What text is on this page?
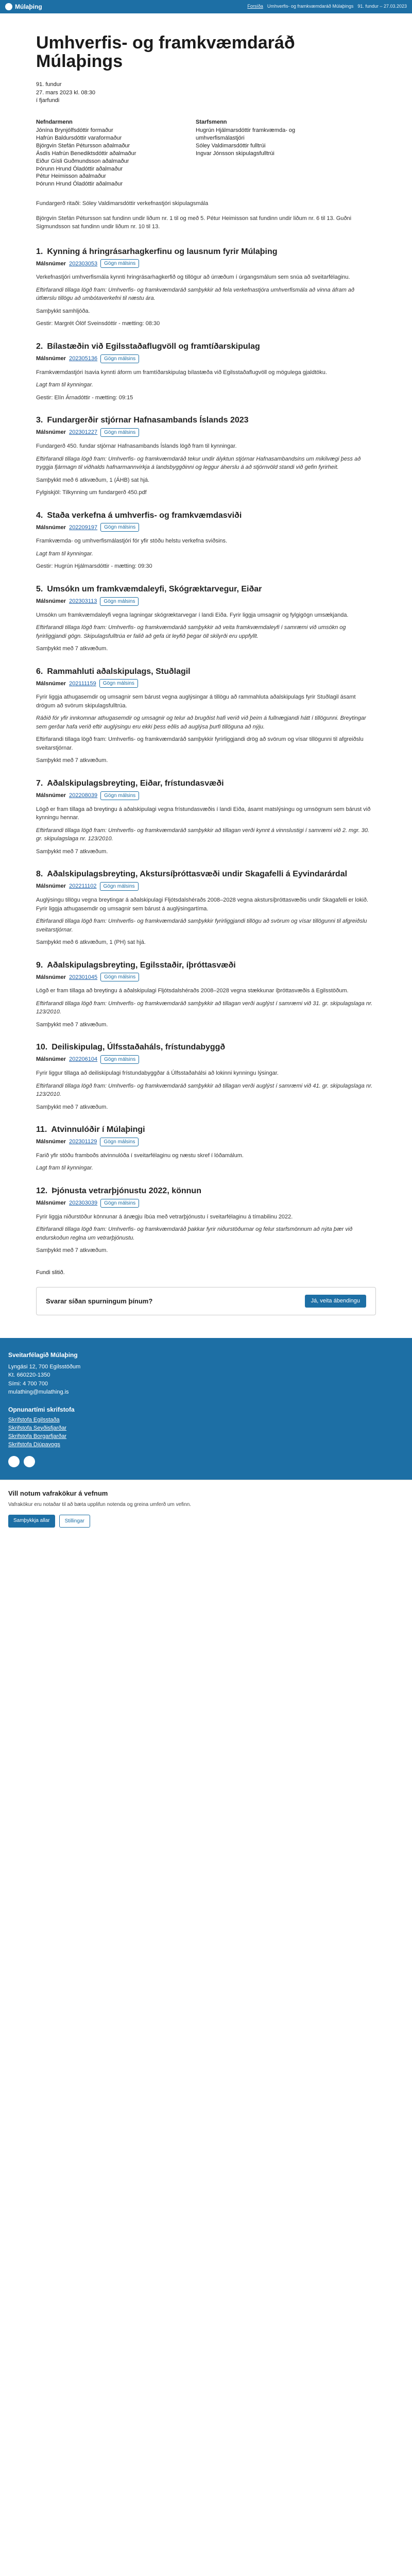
Múlaþing	Forsíða Umhverfis- og framkvæmdaráð Múlaþings 91. fundur – 27.03.2023
Umhverfis- og framkvæmdaráð Múlaþings
91. fundur
27. mars 2023 kl. 08:30
í fjarfundi
Nefndarmenn
Jónína Brynjólfsdóttir formaður
Hafrún Baldursdóttir varaformaður
Björgvin Stefán Pétursson aðalmaður
Ásdís Hafrún Benediktsdóttir aðalmaður
Eiður Gísli Guðmundsson aðalmaður
Þórunn Hrund Óladóttir aðalmaður
Pétur Heimisson aðalmaður
Þórunn Hrund Óladóttir aðalmaður
Starfsmenn
Hugrún Hjálmarsdóttir framkvæmda- og umhverfismálastjóri
Sóley Valdimarsdóttir fulltrúi
Ingvar Jónsson skipulagsfulltrúi

Fundargerð ritaði: Sóley Valdimarsdóttir verkefnastjóri skipulagsmála

Björgvin Stefán Pétursson sat fundinn undir liðum nr. 1 til og með 5. Pétur Heimisson sat fundinn undir liðum nr. 6 til 13. Guðni Sigmundsson sat fundinn undir liðum nr. 10 til 13.

1. Kynning á hringrásarhagkerfinu og lausnum fyrir Múlaþing
Málsnúmer 202303053	Gögn málsins

Verkefnastjóri umhverfismála kynnti hringrásarhagkerfið og tillögur að úrræðum í úrgangsmálum sem snúa að sveitarfélaginu.

Eftirfarandi tillaga lögð fram: Umhverfis- og framkvæmdaráð samþykkir að fela verkefnastjóra umhverfismála að vinna áfram að útfærslu tillögu að umbótaverkefni til næstu ára.

Samþykkt samhljóða.

Gestir: Margrét Ólöf Sveinsdóttir - mætting: 08:30

2. Bílastæðin við Egilsstaðaflugvöll og framtíðarskipulag
Málsnúmer 202305136	Gögn málsins

Framkvæmdastjóri Isavia kynnti áform um framtíðarskipulag bílastæða við Egilsstaðaflugvöll og mögulega gjaldtöku.

Lagt fram til kynningar.

Gestir: Elín Árnadóttir - mætting: 09:15

3. Fundargerðir stjórnar Hafnasambands Íslands 2023
Málsnúmer 202301227	Gögn málsins

Fundargerð 450. fundar stjórnar Hafnasambands Íslands lögð fram til kynningar.

Eftirfarandi tillaga lögð fram: Umhverfis- og framkvæmdaráð tekur undir ályktun stjórnar Hafnasambandsins um mikilvægi þess að tryggja fjármagn til viðhalds hafnarmannvirkja á landsbyggðinni og leggur áherslu á að stjórnvöld standi við gefin fyrirheit.

Samþykkt með 6 atkvæðum, 1 (ÁHB) sat hjá.

Fylgiskjöl: Tilkynning um fundargerð 450.pdf

4. Staða verkefna á umhverfis- og framkvæmdasviði
Málsnúmer 202209197	Gögn málsins

Framkvæmda- og umhverfismálastjóri fór yfir stöðu helstu verkefna sviðsins.

Lagt fram til kynningar.

Gestir: Hugrún Hjálmarsdóttir - mætting: 09:30

5. Umsókn um framkvæmdaleyfi, Skógræktarvegur, Eiðar
Málsnúmer 202303113	Gögn málsins

Umsókn um framkvæmdaleyfi vegna lagningar skógræktarvegar í landi Eiða. Fyrir liggja umsagnir og fylgigögn umsækjanda.

Eftirfarandi tillaga lögð fram: Umhverfis- og framkvæmdaráð samþykkir að veita framkvæmdaleyfi í samræmi við umsókn og fyrirliggjandi gögn. Skipulagsfulltrúa er falið að gefa út leyfið þegar öll skilyrði eru uppfyllt.

Samþykkt með 7 atkvæðum.

6. Rammahluti aðalskipulags, Stuðlagil
Málsnúmer 202111159	Gögn málsins

Fyrir liggja athugasemdir og umsagnir sem bárust vegna auglýsingar á tillögu að rammahluta aðalskipulags fyrir Stuðlagil ásamt drögum að svörum skipulagsfulltrúa.

Ráðið fór yfir innkomnar athugasemdir og umsagnir og telur að brugðist hafi verið við þeim á fullnægjandi hátt í tillögunni. Breytingar sem gerðar hafa verið eftir auglýsingu eru ekki þess eðlis að auglýsa þurfi tillöguna að nýju.

Eftirfarandi tillaga lögð fram: Umhverfis- og framkvæmdaráð samþykkir fyrirliggjandi drög að svörum og vísar tillögunni til afgreiðslu sveitarstjórnar.

Samþykkt með 7 atkvæðum.

7. Aðalskipulagsbreyting, Eiðar, frístundasvæði
Málsnúmer 202208039	Gögn málsins

Lögð er fram tillaga að breytingu á aðalskipulagi vegna frístundasvæðis í landi Eiða, ásamt matslýsingu og umsögnum sem bárust við kynningu hennar.

Eftirfarandi tillaga lögð fram: Umhverfis- og framkvæmdaráð samþykkir að tillagan verði kynnt á vinnslustigi í samræmi við 2. mgr. 30. gr. skipulagslaga nr. 123/2010.

Samþykkt með 7 atkvæðum.

8. Aðalskipulagsbreyting, Akstursíþróttasvæði undir Skagafelli á Eyvindarárdal
Málsnúmer 202211102	Gögn málsins

Auglýsingu tillögu vegna breytingar á aðalskipulagi Fljótsdalshéraðs 2008–2028 vegna akstursíþróttasvæðis undir Skagafelli er lokið. Fyrir liggja athugasemdir og umsagnir sem bárust á auglýsingartíma.

Eftirfarandi tillaga lögð fram: Umhverfis- og framkvæmdaráð samþykkir fyrirliggjandi tillögu að svörum og vísar tillögunni til afgreiðslu sveitarstjórnar.

Samþykkt með 6 atkvæðum, 1 (PH) sat hjá.

9. Aðalskipulagsbreyting, Egilsstaðir, íþróttasvæði
Málsnúmer 202301045	Gögn málsins

Lögð er fram tillaga að breytingu á aðalskipulagi Fljótsdalshéraðs 2008–2028 vegna stækkunar íþróttasvæðis á Egilsstöðum.

Eftirfarandi tillaga lögð fram: Umhverfis- og framkvæmdaráð samþykkir að tillagan verði auglýst í samræmi við 31. gr. skipulagslaga nr. 123/2010.

Samþykkt með 7 atkvæðum.

10. Deiliskipulag, Úlfsstaðaháls, frístundabyggð
Málsnúmer 202206104	Gögn málsins

Fyrir liggur tillaga að deiliskipulagi frístundabyggðar á Úlfsstaðahálsi að lokinni kynningu lýsingar.

Eftirfarandi tillaga lögð fram: Umhverfis- og framkvæmdaráð samþykkir að tillagan verði auglýst í samræmi við 41. gr. skipulagslaga nr. 123/2010.

Samþykkt með 7 atkvæðum.

11. Atvinnulóðir í Múlaþingi
Málsnúmer 202301129	Gögn málsins

Farið yfir stöðu framboðs atvinnulóða í sveitarfélaginu og næstu skref í lóðamálum.

Lagt fram til kynningar.

12. Þjónusta vetrarþjónustu 2022, könnun
Málsnúmer 202303039	Gögn málsins

Fyrir liggja niðurstöður könnunar á ánægju íbúa með vetrarþjónustu í sveitarfélaginu á tímabilinu 2022.

Eftirfarandi tillaga lögð fram: Umhverfis- og framkvæmdaráð þakkar fyrir niðurstöðurnar og felur starfsmönnum að nýta þær við endurskoðun reglna um vetrarþjónustu.

Samþykkt með 7 atkvæðum.

Fundi slitið.

Svarar síðan spurningum þínum?	Já, veita ábendingu
Sveitarfélagið Múlaþing
Lyngási 12, 700 Egilsstöðum
Kt. 660220-1350
Sími: 4 700 700
mulathing@mulathing.is
Opnunartími skrifstofa
Skrifstofa Egilsstaða
Skrifstofa Seyðisfjarðar
Skrifstofa Borgarfjarðar
Skrifstofa Djúpavogs
Vill notum vafrakökur á vefnum
Vafrakökur eru notaðar til að bæta upplifun notenda og greina umferð um vefinn.
Samþykkja allar	Stillingar
